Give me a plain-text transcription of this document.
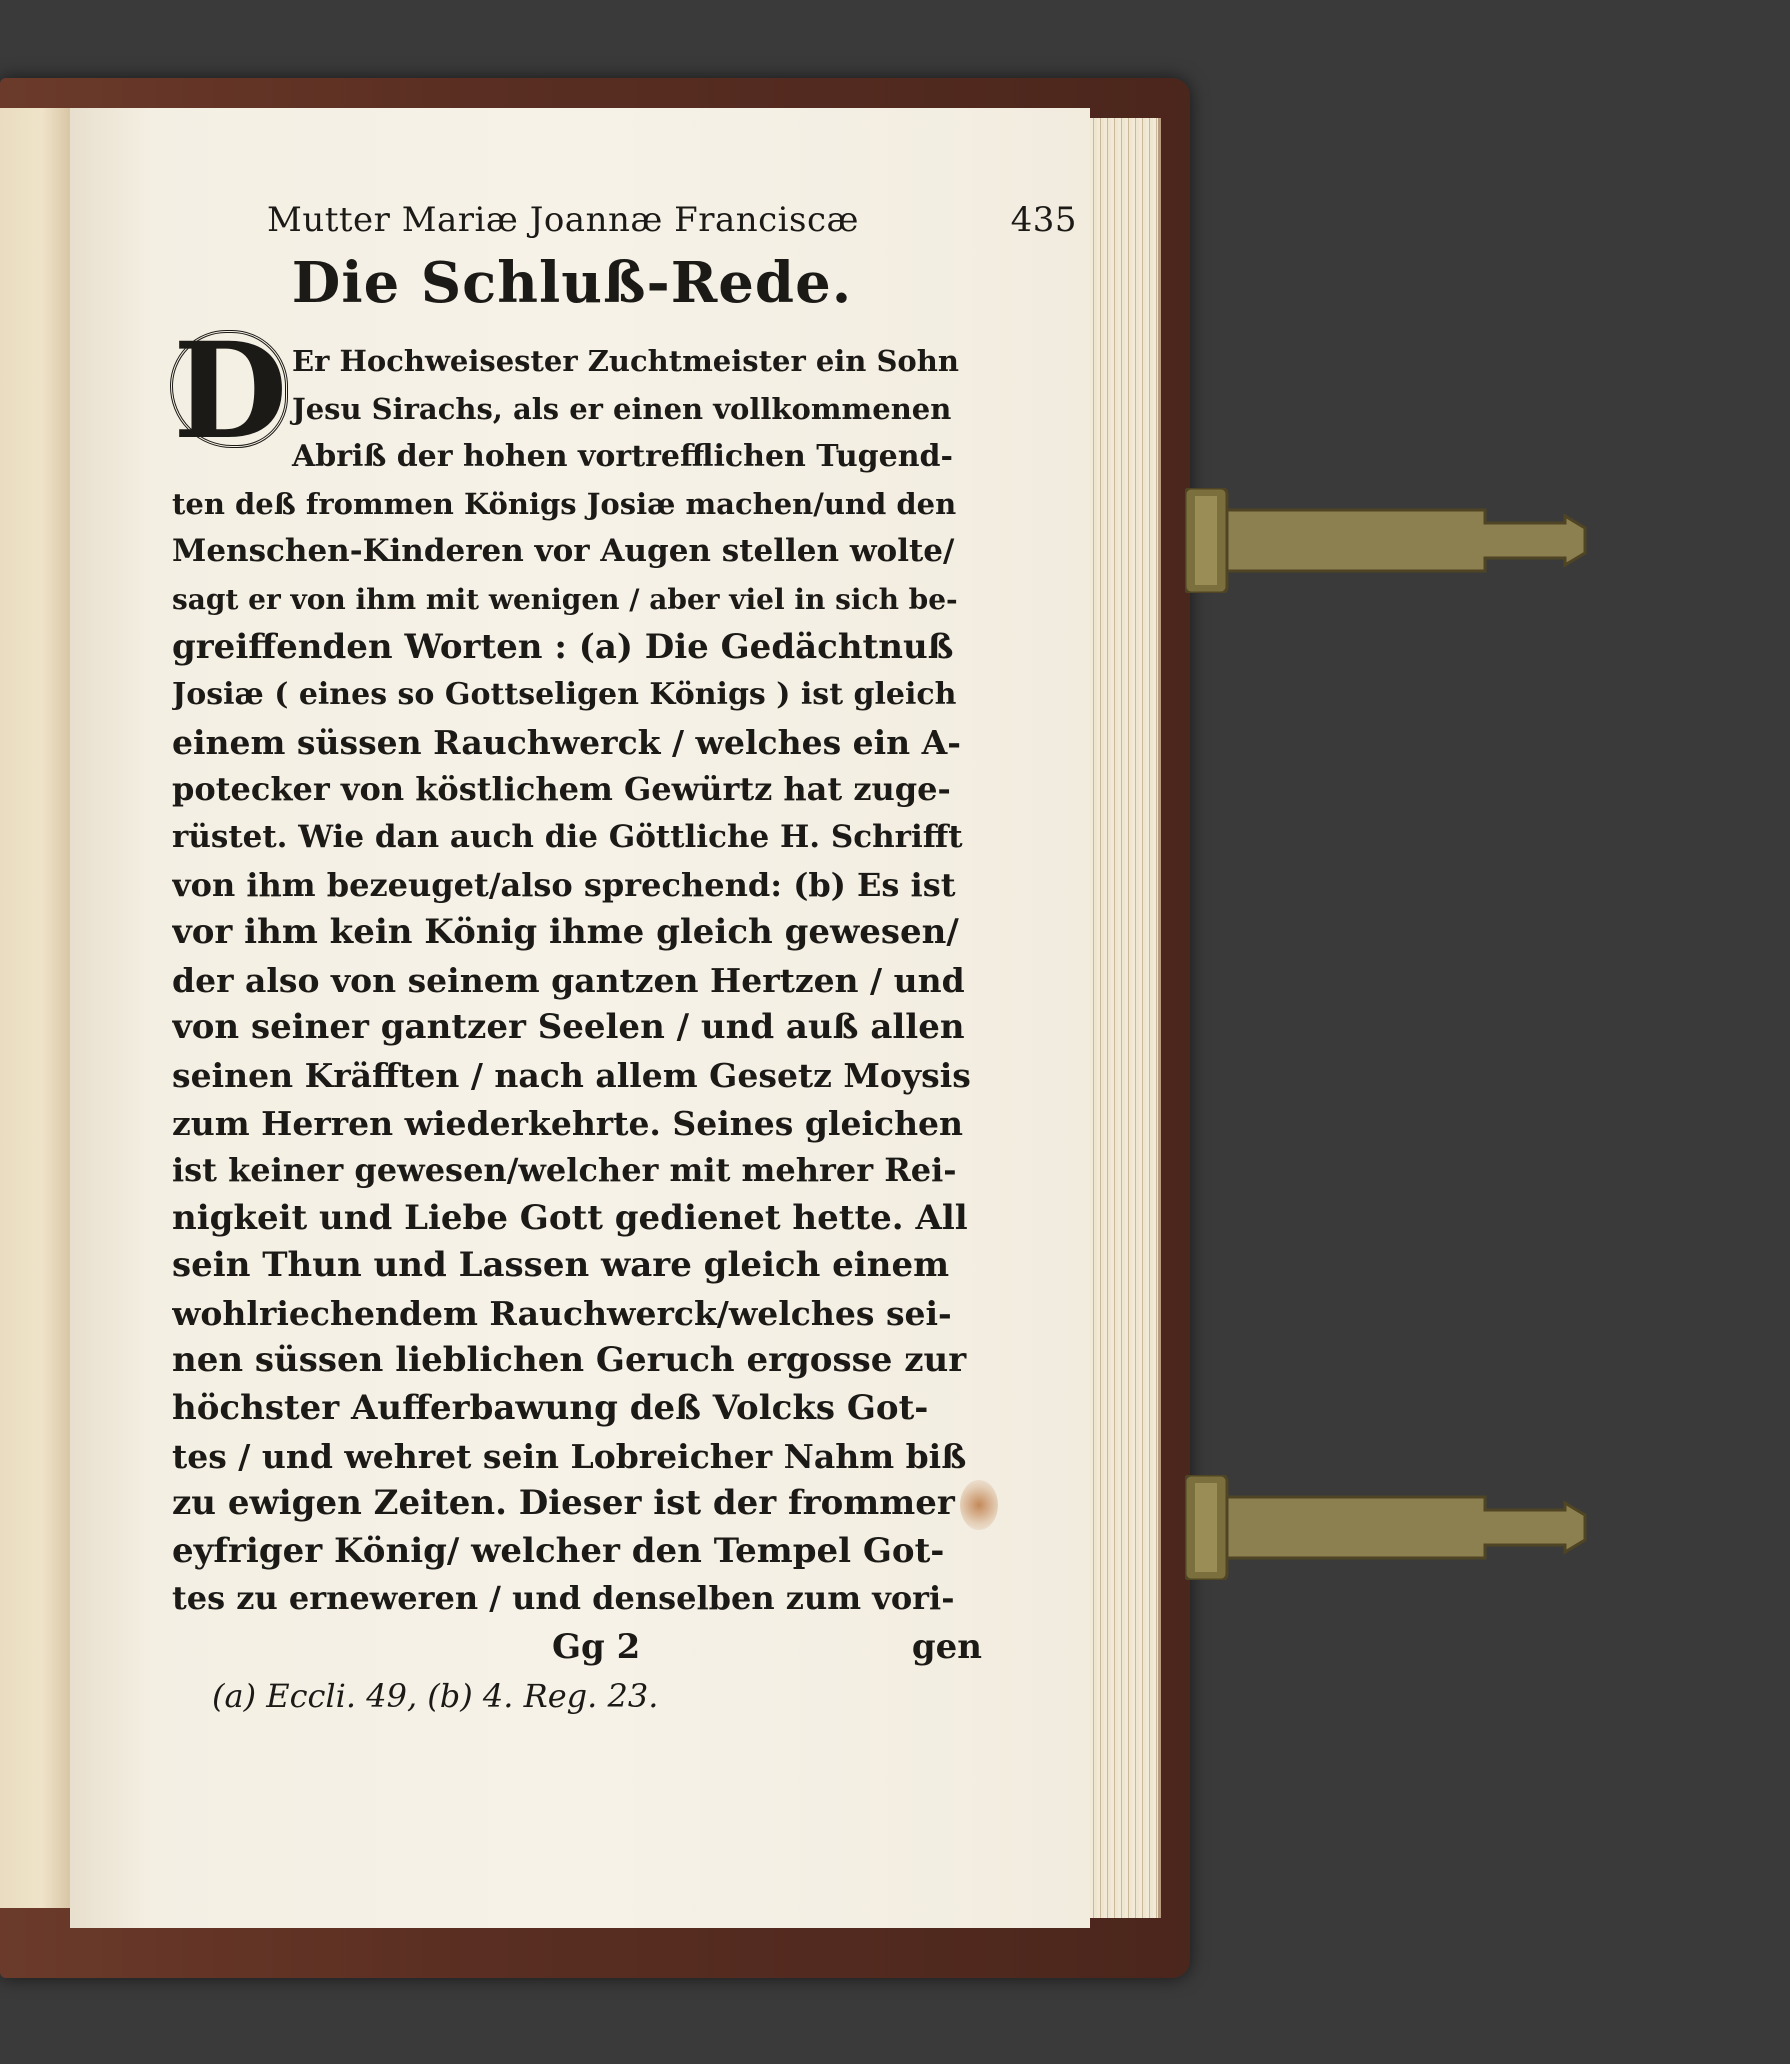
Mutter Mariæ Joannæ Franciscæ	435
Die Schluß-Rede.
D Er Hochweisester Zuchtmeister ein Sohn
Jesu Sirachs, als er einen vollkommenen
Abriß der hohen vortrefflichen Tugend-
ten deß frommen Königs Josiæ machen/und den
Menschen-Kinderen vor Augen stellen wolte/
sagt er von ihm mit wenigen / aber viel in sich be-
greiffenden Worten : (a) Die Gedächtnuß
Josiæ ( eines so Gottseligen Königs ) ist gleich
einem süssen Rauchwerck / welches ein A-
potecker von köstlichem Gewürtz hat zuge-
rüstet. Wie dan auch die Göttliche H. Schrifft
von ihm bezeuget/also sprechend: (b) Es ist
vor ihm kein König ihme gleich gewesen/
der also von seinem gantzen Hertzen / und
von seiner gantzer Seelen / und auß allen
seinen Kräfften / nach allem Gesetz Moysis
zum Herren wiederkehrte. Seines gleichen
ist keiner gewesen/welcher mit mehrer Rei-
nigkeit und Liebe Gott gedienet hette. All
sein Thun und Lassen ware gleich einem
wohlriechendem Rauchwerck/welches sei-
nen süssen lieblichen Geruch ergosse zur
höchster Aufferbawung deß Volcks Got-
tes / und wehret sein Lobreicher Nahm biß
zu ewigen Zeiten. Dieser ist der frommer
eyfriger König/ welcher den Tempel Got-
tes zu erneweren / und denselben zum vori-
Gg 2	gen
(a) Eccli. 49, (b) 4. Reg. 23.
